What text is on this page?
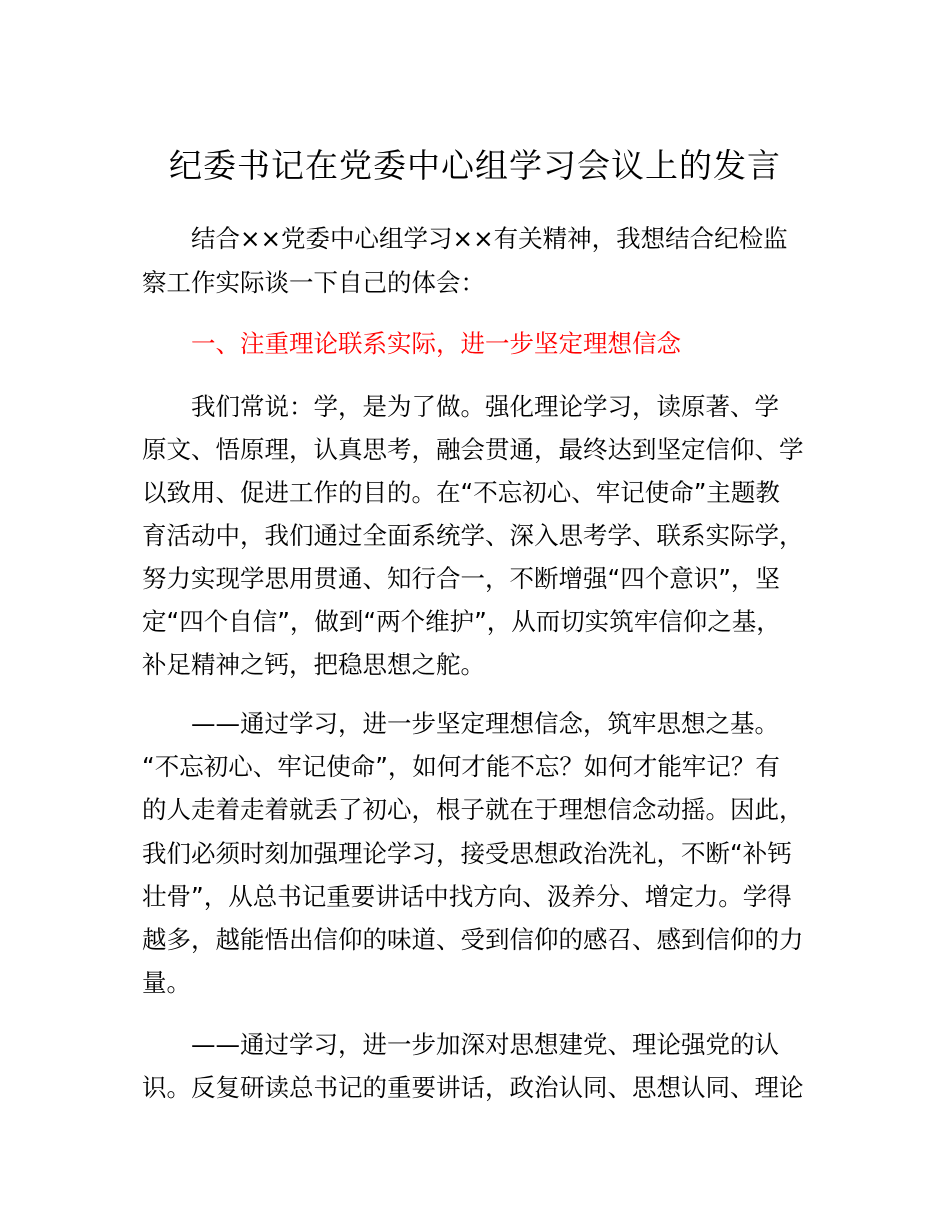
纪委书记在党委中心组学习会议上的发言

结合××党委中心组学习××有关精神，我想结合纪检监

察工作实际谈一下自己的体会：

一、注重理论联系实际，进一步坚定理想信念

我们常说：学，是为了做。强化理论学习，读原著、学

原文、悟原理，认真思考，融会贯通，最终达到坚定信仰、学

以致用、促进工作的目的。在“不忘初心、牢记使命”主题教

育活动中，我们通过全面系统学、深入思考学、联系实际学，

努力实现学思用贯通、知行合一，不断增强“四个意识”，坚

定“四个自信”，做到“两个维护”，从而切实筑牢信仰之基，

补足精神之钙，把稳思想之舵。

——通过学习，进一步坚定理想信念，筑牢思想之基。

“不忘初心、牢记使命”，如何才能不忘？如何才能牢记？有

的人走着走着就丢了初心，根子就在于理想信念动摇。因此，

我们必须时刻加强理论学习，接受思想政治洗礼，不断“补钙

壮骨”，从总书记重要讲话中找方向、汲养分、增定力。学得

越多，越能悟出信仰的味道、受到信仰的感召、感到信仰的力

量。

——通过学习，进一步加深对思想建党、理论强党的认

识。反复研读总书记的重要讲话，政治认同、思想认同、理论
